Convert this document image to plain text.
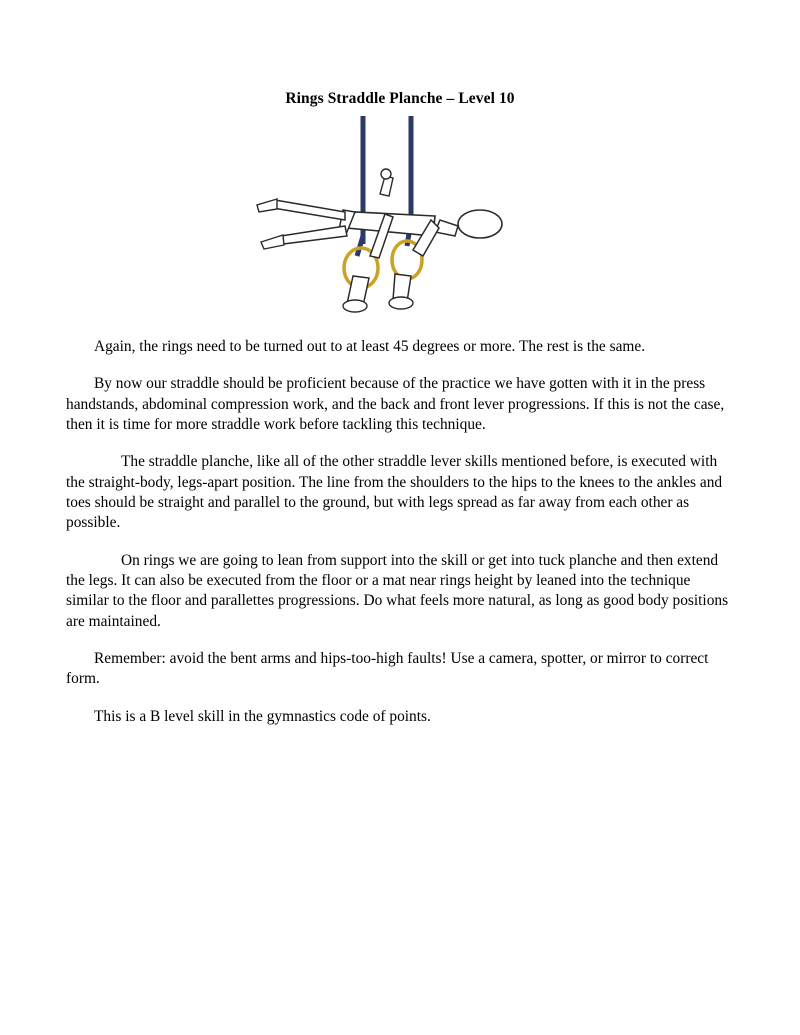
Rings Straddle Planche – Level 10

Again, the rings need to be turned out to at least 45 degrees or more. The rest is the same.

By now our straddle should be proficient because of the practice we have gotten with it in the press handstands, abdominal compression work, and the back and front lever progressions. If this is not the case, then it is time for more straddle work before tackling this technique.

The straddle planche, like all of the other straddle lever skills mentioned before, is executed with the straight-body, legs-apart position. The line from the shoulders to the hips to the knees to the ankles and toes should be straight and parallel to the ground, but with legs spread as far away from each other as possible.

On rings we are going to lean from support into the skill or get into tuck planche and then extend the legs. It can also be executed from the floor or a mat near rings height by leaned into the technique similar to the floor and parallettes progressions. Do what feels more natural, as long as good body positions are maintained.

Remember: avoid the bent arms and hips-too-high faults! Use a camera, spotter, or mirror to correct form.

This is a B level skill in the gymnastics code of points.
